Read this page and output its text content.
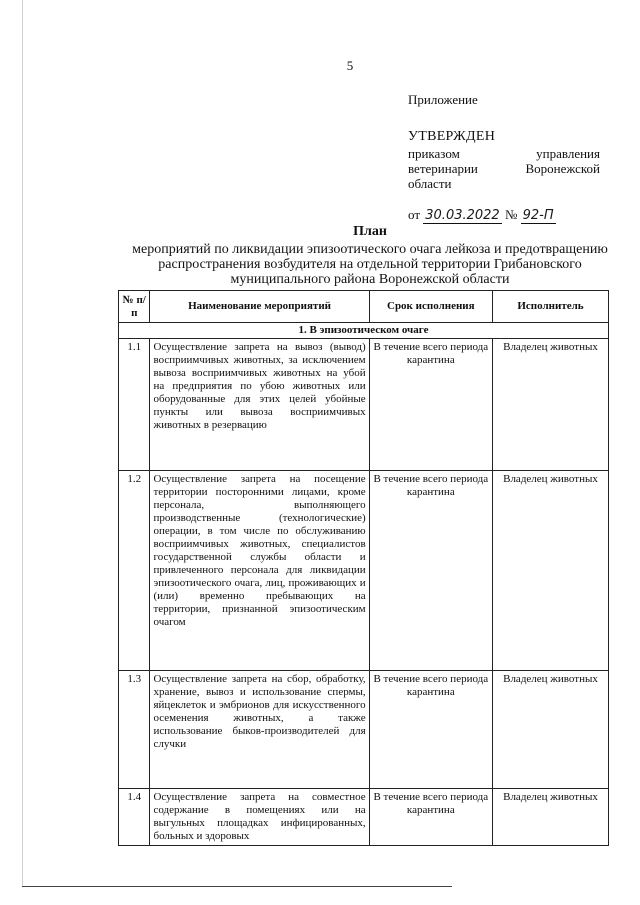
5
Приложение
УТВЕРЖДЕН
приказом управления ветеринарии Воронежской области
от 30.03.2022 № 92-П
План
мероприятий по ликвидации эпизоотического очага лейкоза и предотвращению распространения возбудителя на отдельной территории Грибановского муниципального района Воронежской области
№ п/п	Наименование мероприятий	Срок исполнения	Исполнитель
1. В эпизоотическом очаге			
1.1	Осуществление запрета на вывоз (вывод) восприимчивых животных, за исключением вывоза восприимчивых животных на убой на предприятия по убою животных или оборудованные для этих целей убойные пункты или вывоза восприимчивых животных в резервацию	В течение всего периода карантина	Владелец животных
1.2	Осуществление запрета на посещение территории посторонними лицами, кроме персонала, выполняющего производственные (технологические) операции, в том числе по обслуживанию восприимчивых животных, специалистов государственной службы области и привлеченного персонала для ликвидации эпизоотического очага, лиц, проживающих и (или) временно пребывающих на территории, признанной эпизоотическим очагом	В течение всего периода карантина	Владелец животных
1.3	Осуществление запрета на сбор, обработку, хранение, вывоз и использование спермы, яйцеклеток и эмбрионов для искусственного осеменения животных, а также использование быков-производителей для случки	В течение всего периода карантина	Владелец животных
1.4	Осуществление запрета на совместное содержание в помещениях или на выгульных площадках инфицированных, больных и здоровых	В течение всего периода карантина	Владелец животных
